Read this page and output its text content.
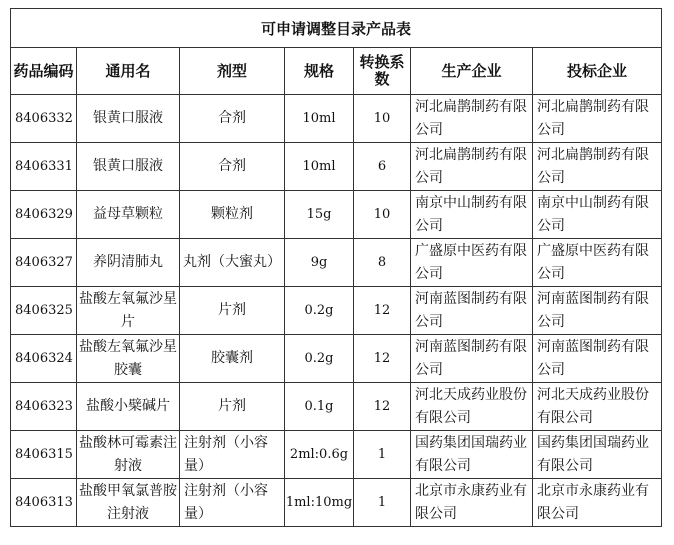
可申请调整目录产品表						
药品编码	通用名	剂型	规格	转换系数	生产企业	投标企业
8406332	银黄口服液	合剂	10ml	10	河北扁鹊制药有限公司	河北扁鹊制药有限公司
8406331	银黄口服液	合剂	10ml	6	河北扁鹊制药有限公司	河北扁鹊制药有限公司
8406329	益母草颗粒	颗粒剂	15g	10	南京中山制药有限公司	南京中山制药有限公司
8406327	养阴清肺丸	丸剂（大蜜丸）	9g	8	广盛原中医药有限公司	广盛原中医药有限公司
8406325	盐酸左氧氟沙星片	片剂	0.2g	12	河南蓝图制药有限公司	河南蓝图制药有限公司
8406324	盐酸左氧氟沙星胶囊	胶囊剂	0.2g	12	河南蓝图制药有限公司	河南蓝图制药有限公司
8406323	盐酸小檗碱片	片剂	0.1g	12	河北天成药业股份有限公司	河北天成药业股份有限公司
8406315	盐酸林可霉素注射液	注射剂（小容量）	2ml:0.6g	1	国药集团国瑞药业有限公司	国药集团国瑞药业有限公司
8406313	盐酸甲氧氯普胺注射液	注射剂（小容量）	1ml:10mg	1	北京市永康药业有限公司	北京市永康药业有限公司
